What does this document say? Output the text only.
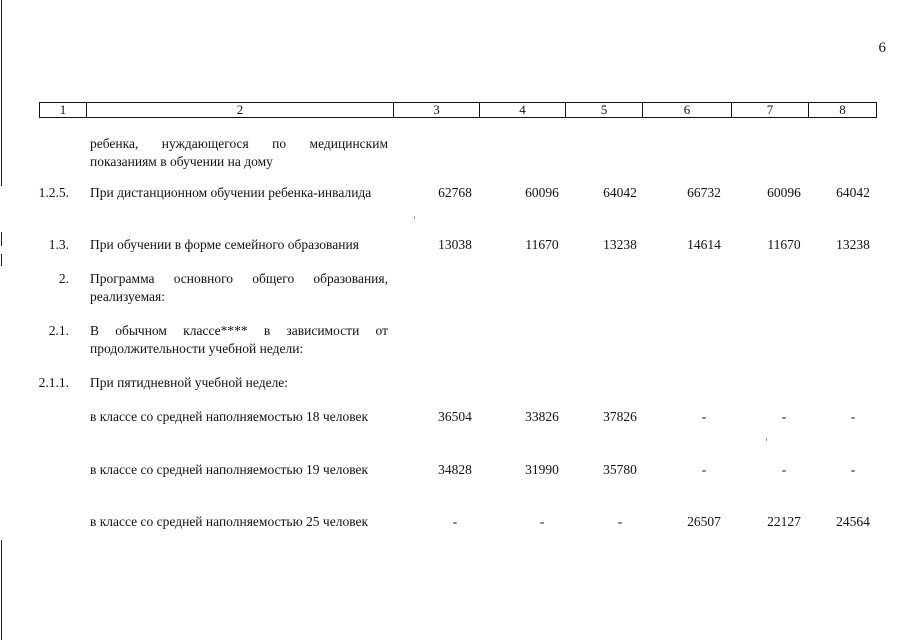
6
1	2	3	4	5	6	7	8
ребенка, нуждающегося по медицинским показаниям в обучении на дому
1.2.5. При дистанционном обучении ребенка-инвалида	62768	60096	64042	66732	60096	64042
1.3. При обучении в форме семейного образования	13038	11670	13238	14614	11670	13238
2. Программа основного общего образования, реализуемая:
2.1. В обычном классе**** в зависимости от продолжительности учебной недели:
2.1.1. При пятидневной учебной неделе:
в классе со средней наполняемостью 18 человек	36504	33826	37826	-	-	-
в классе со средней наполняемостью 19 человек	34828	31990	35780	-	-	-
в классе со средней наполняемостью 25 человек	-	-	-	26507	22127	24564
